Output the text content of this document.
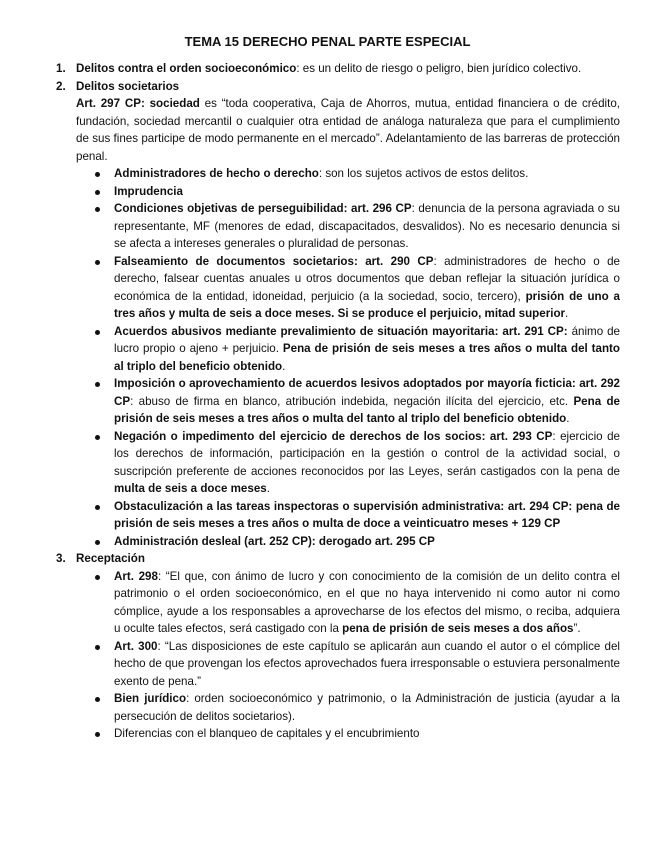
TEMA 15 DERECHO PENAL PARTE ESPECIAL
1. Delitos contra el orden socioeconómico: es un delito de riesgo o peligro, bien jurídico colectivo.
2. Delitos societarios
Art. 297 CP: sociedad es “toda cooperativa, Caja de Ahorros, mutua, entidad financiera o de crédito, fundación, sociedad mercantil o cualquier otra entidad de análoga naturaleza que para el cumplimiento de sus fines participe de modo permanente en el mercado”. Adelantamiento de las barreras de protección penal.
Administradores de hecho o derecho: son los sujetos activos de estos delitos.
Imprudencia
Condiciones objetivas de perseguibilidad: art. 296 CP: denuncia de la persona agraviada o su representante, MF (menores de edad, discapacitados, desvalidos). No es necesario denuncia si se afecta a intereses generales o pluralidad de personas.
Falseamiento de documentos societarios: art. 290 CP: administradores de hecho o de derecho, falsear cuentas anuales u otros documentos que deban reflejar la situación jurídica o económica de la entidad, idoneidad, perjuicio (a la sociedad, socio, tercero), prisión de uno a tres años y multa de seis a doce meses. Si se produce el perjuicio, mitad superior.
Acuerdos abusivos mediante prevalimiento de situación mayoritaria: art. 291 CP: ánimo de lucro propio o ajeno + perjuicio. Pena de prisión de seis meses a tres años o multa del tanto al triplo del beneficio obtenido.
Imposición o aprovechamiento de acuerdos lesivos adoptados por mayoría ficticia: art. 292 CP: abuso de firma en blanco, atribución indebida, negación ilícita del ejercicio, etc. Pena de prisión de seis meses a tres años o multa del tanto al triplo del beneficio obtenido.
Negación o impedimento del ejercicio de derechos de los socios: art. 293 CP: ejercicio de los derechos de información, participación en la gestión o control de la actividad social, o suscripción preferente de acciones reconocidos por las Leyes, serán castigados con la pena de multa de seis a doce meses.
Obstaculización a las tareas inspectoras o supervisión administrativa: art. 294 CP: pena de prisión de seis meses a tres años o multa de doce a veinticuatro meses + 129 CP
Administración desleal (art. 252 CP): derogado art. 295 CP
3. Receptación
Art. 298: “El que, con ánimo de lucro y con conocimiento de la comisión de un delito contra el patrimonio o el orden socioeconómico, en el que no haya intervenido ni como autor ni como cómplice, ayude a los responsables a aprovecharse de los efectos del mismo, o reciba, adquiera u oculte tales efectos, será castigado con la pena de prisión de seis meses a dos años”.
Art. 300: “Las disposiciones de este capítulo se aplicarán aun cuando el autor o el cómplice del hecho de que provengan los efectos aprovechados fuera irresponsable o estuviera personalmente exento de pena.”
Bien jurídico: orden socioeconómico y patrimonio, o la Administración de justicia (ayudar a la persecución de delitos societarios).
Diferencias con el blanqueo de capitales y el encubrimiento
